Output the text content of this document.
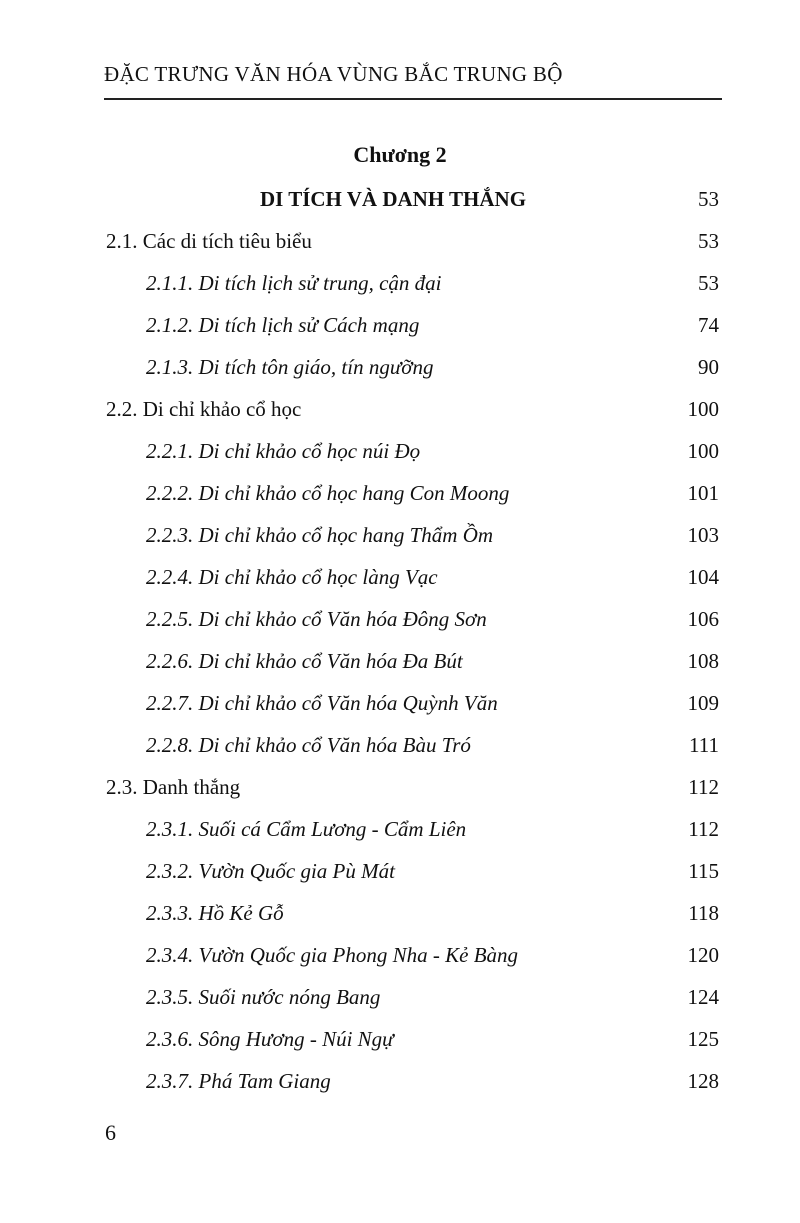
ĐẶC TRƯNG VĂN HÓA VÙNG BẮC TRUNG BỘ
Chương 2
DI TÍCH VÀ DANH THẮNG	53
2.1. Các di tích tiêu biểu	53
2.1.1. Di tích lịch sử trung, cận đại	53
2.1.2. Di tích lịch sử Cách mạng	74
2.1.3. Di tích tôn giáo, tín ngưỡng	90
2.2. Di chỉ khảo cổ học	100
2.2.1. Di chỉ khảo cổ học núi Đọ	100
2.2.2. Di chỉ khảo cổ học hang Con Moong	101
2.2.3. Di chỉ khảo cổ học hang Thẩm Ồm	103
2.2.4. Di chỉ khảo cổ học làng Vạc	104
2.2.5. Di chỉ khảo cổ Văn hóa Đông Sơn	106
2.2.6. Di chỉ khảo cổ Văn hóa Đa Bút	108
2.2.7. Di chỉ khảo cổ Văn hóa Quỳnh Văn	109
2.2.8. Di chỉ khảo cổ Văn hóa Bàu Tró	111
2.3. Danh thắng	112
2.3.1. Suối cá Cẩm Lương - Cẩm Liên	112
2.3.2. Vườn Quốc gia Pù Mát	115
2.3.3. Hồ Kẻ Gỗ	118
2.3.4. Vườn Quốc gia Phong Nha - Kẻ Bàng	120
2.3.5. Suối nước nóng Bang	124
2.3.6. Sông Hương - Núi Ngự	125
2.3.7. Phá Tam Giang	128
6
